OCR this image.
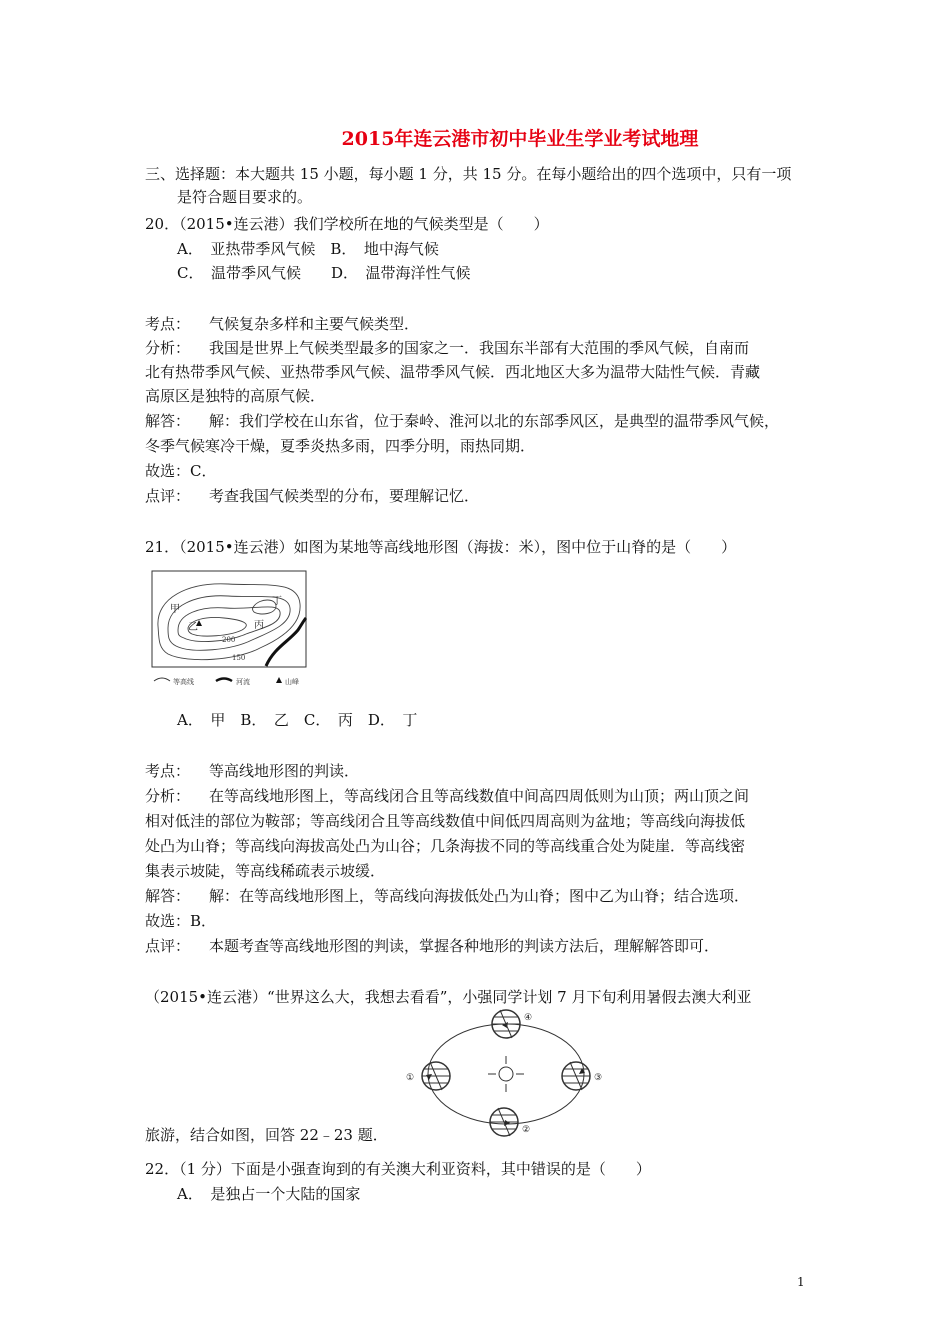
2015年连云港市初中毕业生学业考试地理
三、选择题：本大题共 15 小题，每小题 1 分，共 15 分。在每小题给出的四个选项中，只有一项
是符合题目要求的。
20．（2015•连云港）我们学校所在地的气候类型是（　　）
A．　亚热带季风气候　B．　地中海气候
C．　温带季风气候　　D．　温带海洋性气候
考点： 气候复杂多样和主要气候类型．
分析： 我国是世界上气候类型最多的国家之一．我国东半部有大范围的季风气候，自南而
北有热带季风气候、亚热带季风气候、温带季风气候．西北地区大多为温带大陆性气候．青藏
高原区是独特的高原气候．
解答： 解：我们学校在山东省，位于秦岭、淮河以北的东部季风区，是典型的温带季风气候，
冬季气候寒冷干燥，夏季炎热多雨，四季分明，雨热同期．
故选：C．
点评： 考查我国气候类型的分布，要理解记忆．
21．（2015•连云港）如图为某地等高线地形图（海拔：米），图中位于山脊的是（　　）
甲
乙	丙
丁
200
150
等高线	河流	山峰
A．　甲　B．　乙　C．　丙　D．　丁
考点： 等高线地形图的判读．
分析： 在等高线地形图上，等高线闭合且等高线数值中间高四周低则为山顶；两山顶之间
相对低洼的部位为鞍部；等高线闭合且等高线数值中间低四周高则为盆地；等高线向海拔低
处凸为山脊；等高线向海拔高处凸为山谷；几条海拔不同的等高线重合处为陡崖．等高线密
集表示坡陡，等高线稀疏表示坡缓．
解答： 解：在等高线地形图上，等高线向海拔低处凸为山脊；图中乙为山脊；结合选项．
故选：B．
点评： 本题考查等高线地形图的判读，掌握各种地形的判读方法后，理解解答即可．
（2015•连云港）“世界这么大，我想去看看”，小强同学计划 7 月下旬利用暑假去澳大利亚
④
③
②
①
旅游，结合如图，回答 22﹣23 题．
22．（1 分）下面是小强查询到的有关澳大利亚资料，其中错误的是（　　）
A．　是独占一个大陆的国家
1
